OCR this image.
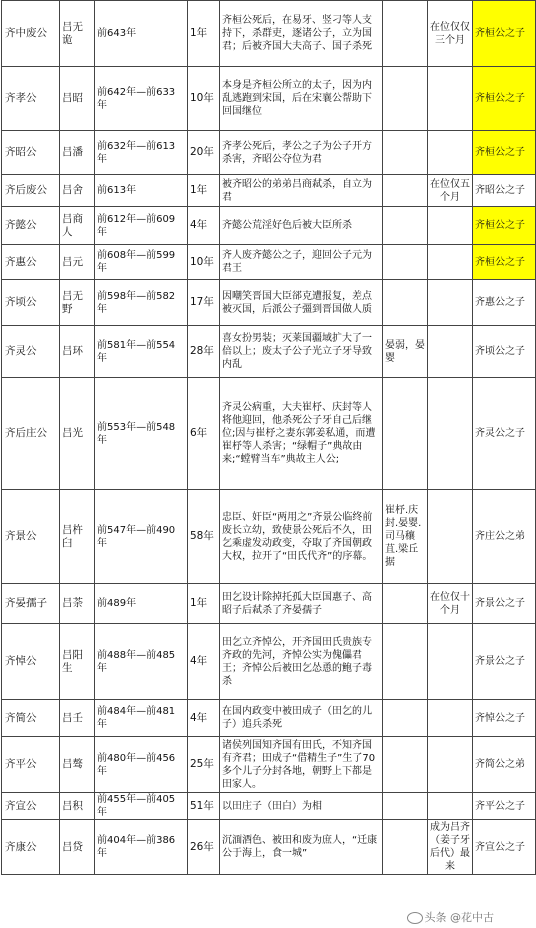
齐中废公	吕无诡	前643年	1年	齐桓公死后，在易牙、竖刁等人支持下，杀群吏，逐诸公子，立为国君；后被齐国大夫高子、国子杀死		在位仅仅三个月	齐桓公之子
齐孝公	吕昭	前642年—前633年	10年	本身是齐桓公所立的太子，因为内乱逃跑到宋国，后在宋襄公帮助下回国继位			齐桓公之子
齐昭公	吕潘	前632年—前613年	20年	齐孝公死后，孝公之子为公子开方杀害，齐昭公夺位为君			齐桓公之子
齐后废公	吕舍	前613年	1年	被齐昭公的弟弟吕商弒杀，自立为君		在位仅五个月	齐昭公之子
齐懿公	吕商人	前612年—前609年	4年	齐懿公荒淫好色后被大臣所杀			齐桓公之子
齐惠公	吕元	前608年—前599年	10年	齐人废齐懿公之子，迎回公子元为君王			齐桓公之子
齐顷公	吕无野	前598年—前582年	17年	因嘲笑晋国大臣郤克遭报复，差点被灭国，后派公子彊到晋国做人质			齐惠公之子
齐灵公	吕环	前581年—前554年	28年	喜女扮男装；灭莱国疆域扩大了一倍以上；废太子公子光立子牙导致内乱	晏弱，晏婴		齐顷公之子
齐后庄公	吕光	前553年—前548年	6年	齐灵公病重，大夫崔杼、庆封等人将他迎回，他杀死公子牙自己后继位;因与崔杼之妻东郭姜私通，而遭崔杼等人杀害；“绿帽子”典故由来;“螳臂当车”典故主人公;			齐灵公之子
齐景公	吕杵臼	前547年—前490年	58年	忠臣、奸臣“两用之”齐景公临终前废长立幼，致使景公死后不久，田乞乘虚发动政变，夺取了齐国朝政大权，拉开了“田氏代齐”的序幕。	崔杼.庆封.晏婴.司马穰苴.梁丘据		齐庄公之弟
齐晏孺子	吕荼	前489年	1年	田乞设计除掉托孤大臣国惠子、高昭子后弒杀了齐晏孺子		在位仅十个月	齐景公之子
齐悼公	吕阳生	前488年—前485年	4年	田乞立齐悼公，开齐国田氏贵族专齐政的先河，齐悼公实为傀儡君王；齐悼公后被田乞怂恿的鲍子毒杀			齐景公之子
齐简公	吕壬	前484年—前481年	4年	在国内政变中被田成子（田乞的儿子）追兵杀死			齐悼公之子
齐平公	吕骜	前480年—前456年	25年	诸侯列国知齐国有田氏，不知齐国有齐君；田成子“借精生子”生了70多个儿子分封各地，朝野上下都是田家人。			齐简公之弟
齐宣公	吕积	前455年—前405年	51年	以田庄子（田白）为相			齐平公之子
齐康公	吕贷	前404年—前386年	26年	沉湎酒色、被田和废为庶人，“迁康公于海上，食一城”		成为吕齐（姜子牙后代）最来	齐宣公之子
头条 @花中古
